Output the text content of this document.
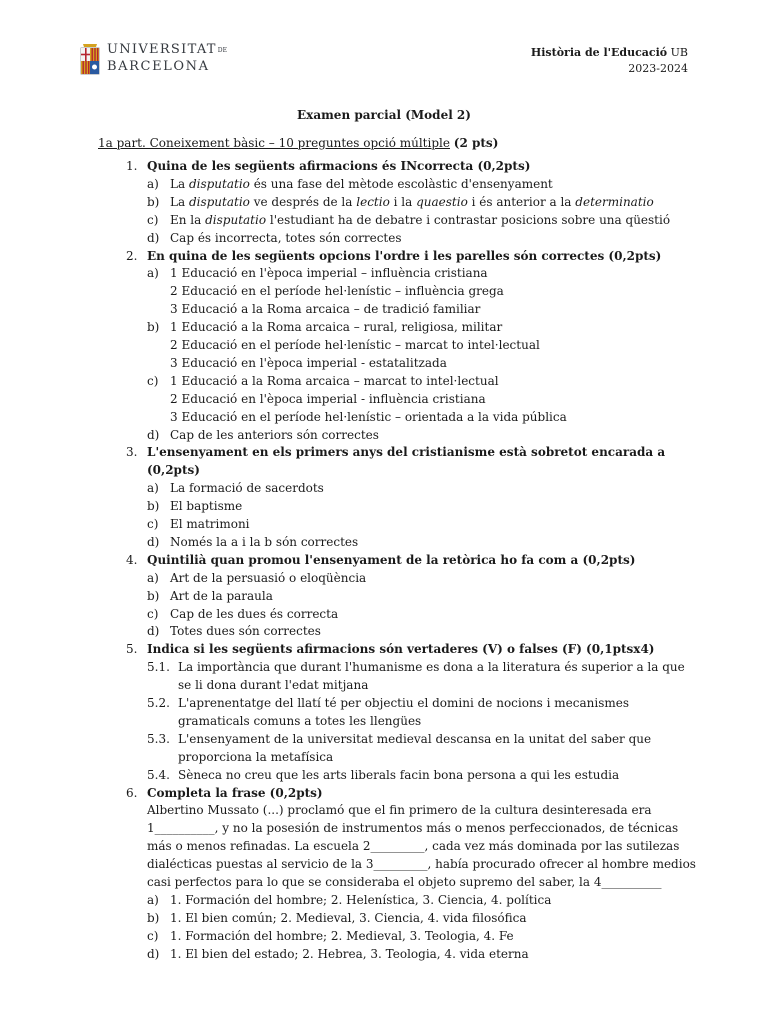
UNIVERSITATDE
BARCELONA
Història de l'Educació UB
2023-2024
Examen parcial (Model 2)
1a part. Coneixement bàsic – 10 preguntes opció múltiple (2 pts)
1. Quina de les següents afirmacions és INcorrecta (0,2pts)
a) La disputatio és una fase del mètode escolàstic d'ensenyament
b) La disputatio ve després de la lectio i la quaestio i és anterior a la determinatio
c) En la disputatio l'estudiant ha de debatre i contrastar posicions sobre una qüestió
d) Cap és incorrecta, totes són correctes
2. En quina de les següents opcions l'ordre i les parelles són correctes (0,2pts)
a) 1 Educació en l'època imperial – influència cristiana
2 Educació en el període hel·lenístic – influència grega
3 Educació a la Roma arcaica – de tradició familiar
b) 1 Educació a la Roma arcaica – rural, religiosa, militar
2 Educació en el període hel·lenístic – marcat to intel·lectual
3 Educació en l'època imperial - estatalitzada
c) 1 Educació a la Roma arcaica – marcat to intel·lectual
2 Educació en l'època imperial - influència cristiana
3 Educació en el període hel·lenístic – orientada a la vida pública
d) Cap de les anteriors són correctes
3. L'ensenyament en els primers anys del cristianisme està sobretot encarada a
(0,2pts)
a) La formació de sacerdots
b) El baptisme
c) El matrimoni
d) Només la a i la b són correctes
4. Quintilià quan promou l'ensenyament de la retòrica ho fa com a (0,2pts)
a) Art de la persuasió o eloqüència
b) Art de la paraula
c) Cap de les dues és correcta
d) Totes dues són correctes
5. Indica si les següents afirmacions són vertaderes (V) o falses (F) (0,1ptsx4)
5.1. La importància que durant l'humanisme es dona a la literatura és superior a la que
se li dona durant l'edat mitjana
5.2. L'aprenentatge del llatí té per objectiu el domini de nocions i mecanismes
gramaticals comuns a totes les llengües
5.3. L'ensenyament de la universitat medieval descansa en la unitat del saber que
proporciona la metafísica
5.4. Sèneca no creu que les arts liberals facin bona persona a qui les estudia
6. Completa la frase (0,2pts)
Albertino Mussato (...) proclamó que el fin primero de la cultura desinteresada era
1__________, y no la posesión de instrumentos más o menos perfeccionados, de técnicas
más o menos refinadas. La escuela 2_________, cada vez más dominada por las sutilezas
dialécticas puestas al servicio de la 3_________, había procurado ofrecer al hombre medios
casi perfectos para lo que se consideraba el objeto supremo del saber, la 4__________
a) 1. Formación del hombre; 2. Helenística, 3. Ciencia, 4. política
b) 1. El bien común; 2. Medieval, 3. Ciencia, 4. vida filosófica
c) 1. Formación del hombre; 2. Medieval, 3. Teologia, 4. Fe
d) 1. El bien del estado; 2. Hebrea, 3. Teologia, 4. vida eterna
